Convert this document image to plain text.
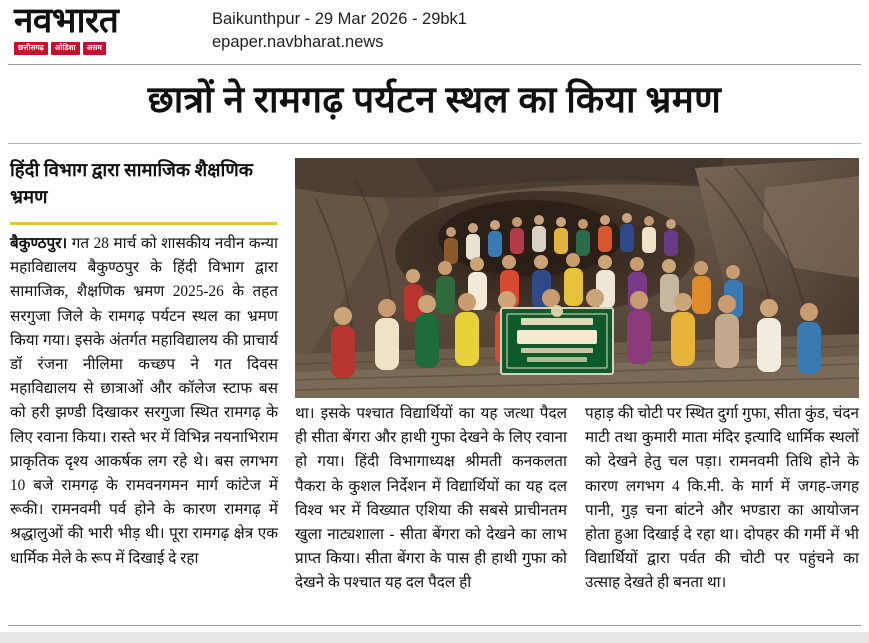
नवभारत
छत्तीसगढ़	ओडिशा	असम
Baikunthpur - 29 Mar 2026 - 29bk1
epaper.navbharat.news
छात्रों ने रामगढ़ पर्यटन स्थल का किया भ्रमण
हिंदी विभाग द्वारा सामाजिक शैक्षणिक भ्रमण

बैकुण्ठपुर। गत 28 मार्च को शासकीय नवीन कन्या महाविद्यालय बैकुण्ठपुर के हिंदी विभाग द्वारा सामाजिक, शैक्षणिक भ्रमण 2025-26 के तहत सरगुजा जिले के रामगढ़ पर्यटन स्थल का भ्रमण किया गया। इसके अंतर्गत महाविद्यालय की प्राचार्य डॉ रंजना नीलिमा कच्छप ने गत दिवस महाविद्यालय से छात्राओं और कॉलेज स्टाफ बस को हरी झण्डी दिखाकर सरगुजा स्थित रामगढ़ के लिए रवाना किया। रास्ते भर में विभिन्न नयनाभिराम प्राकृतिक दृश्य आकर्षक लग रहे थे। बस लगभग 10 बजे रामगढ़ के रामवनगमन मार्ग कांटेज में रूकी। रामनवमी पर्व होने के कारण रामगढ़ में श्रद्धालुओं की भारी भीड़ थी। पूरा रामगढ़ क्षेत्र एक धार्मिक मेले के रूप में दिखाई दे रहा

था। इसके पश्चात विद्यार्थियों का यह जत्था पैदल ही सीता बेंगरा और हाथी गुफा देखने के लिए रवाना हो गया। हिंदी विभागाध्यक्ष श्रीमती कनकलता पैकरा के कुशल निर्देशन में विद्यार्थियों का यह दल विश्व भर में विख्यात एशिया की सबसे प्राचीनतम खुला नाट्यशाला - सीता बेंगरा को देखने का लाभ प्राप्त किया। सीता बेंगरा के पास ही हाथी गुफा को देखने के पश्चात यह दल पैदल ही

पहाड़ की चोटी पर स्थित दुर्गा गुफा, सीता कुंड, चंदन माटी तथा कुमारी माता मंदिर इत्यादि धार्मिक स्थलों को देखने हेतु चल पड़ा। रामनवमी तिथि होने के कारण लगभग 4 कि.मी. के मार्ग में जगह-जगह पानी, गुड़ चना बांटने और भण्डारा का आयोजन होता हुआ दिखाई दे रहा था। दोपहर की गर्मी में भी विद्यार्थियों द्वारा पर्वत की चोटी पर पहुंचने का उत्साह देखते ही बनता था।
